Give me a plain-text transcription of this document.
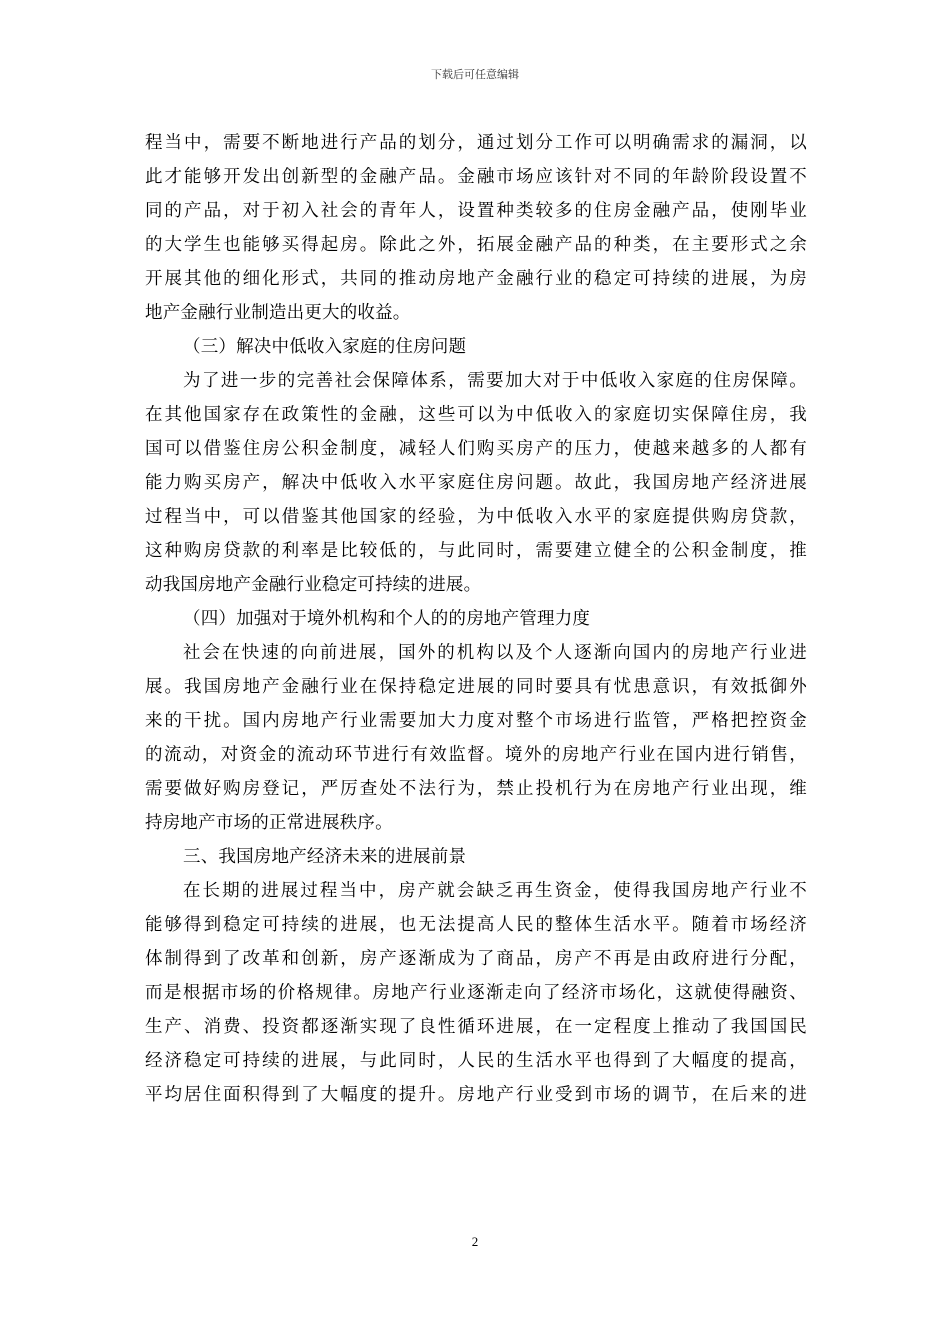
下载后可任意编辑
程当中，需要不断地进行产品的划分，通过划分工作可以明确需求的漏洞，以
此才能够开发出创新型的金融产品。金融市场应该针对不同的年龄阶段设置不
同的产品，对于初入社会的青年人，设置种类较多的住房金融产品，使刚毕业
的大学生也能够买得起房。除此之外，拓展金融产品的种类，在主要形式之余
开展其他的细化形式，共同的推动房地产金融行业的稳定可持续的进展，为房
地产金融行业制造出更大的收益。
（三）解决中低收入家庭的住房问题
为了进一步的完善社会保障体系，需要加大对于中低收入家庭的住房保障。
在其他国家存在政策性的金融，这些可以为中低收入的家庭切实保障住房，我
国可以借鉴住房公积金制度，减轻人们购买房产的压力，使越来越多的人都有
能力购买房产，解决中低收入水平家庭住房问题。故此，我国房地产经济进展
过程当中，可以借鉴其他国家的经验，为中低收入水平的家庭提供购房贷款，
这种购房贷款的利率是比较低的，与此同时，需要建立健全的公积金制度，推
动我国房地产金融行业稳定可持续的进展。
（四）加强对于境外机构和个人的的房地产管理力度
社会在快速的向前进展，国外的机构以及个人逐渐向国内的房地产行业进
展。我国房地产金融行业在保持稳定进展的同时要具有忧患意识，有效抵御外
来的干扰。国内房地产行业需要加大力度对整个市场进行监管，严格把控资金
的流动，对资金的流动环节进行有效监督。境外的房地产行业在国内进行销售，
需要做好购房登记，严厉查处不法行为，禁止投机行为在房地产行业出现，维
持房地产市场的正常进展秩序。
三、我国房地产经济未来的进展前景
在长期的进展过程当中，房产就会缺乏再生资金，使得我国房地产行业不
能够得到稳定可持续的进展，也无法提高人民的整体生活水平。随着市场经济
体制得到了改革和创新，房产逐渐成为了商品，房产不再是由政府进行分配，
而是根据市场的价格规律。房地产行业逐渐走向了经济市场化，这就使得融资、
生产、消费、投资都逐渐实现了良性循环进展，在一定程度上推动了我国国民
经济稳定可持续的进展，与此同时，人民的生活水平也得到了大幅度的提高，
平均居住面积得到了大幅度的提升。房地产行业受到市场的调节，在后来的进
2
